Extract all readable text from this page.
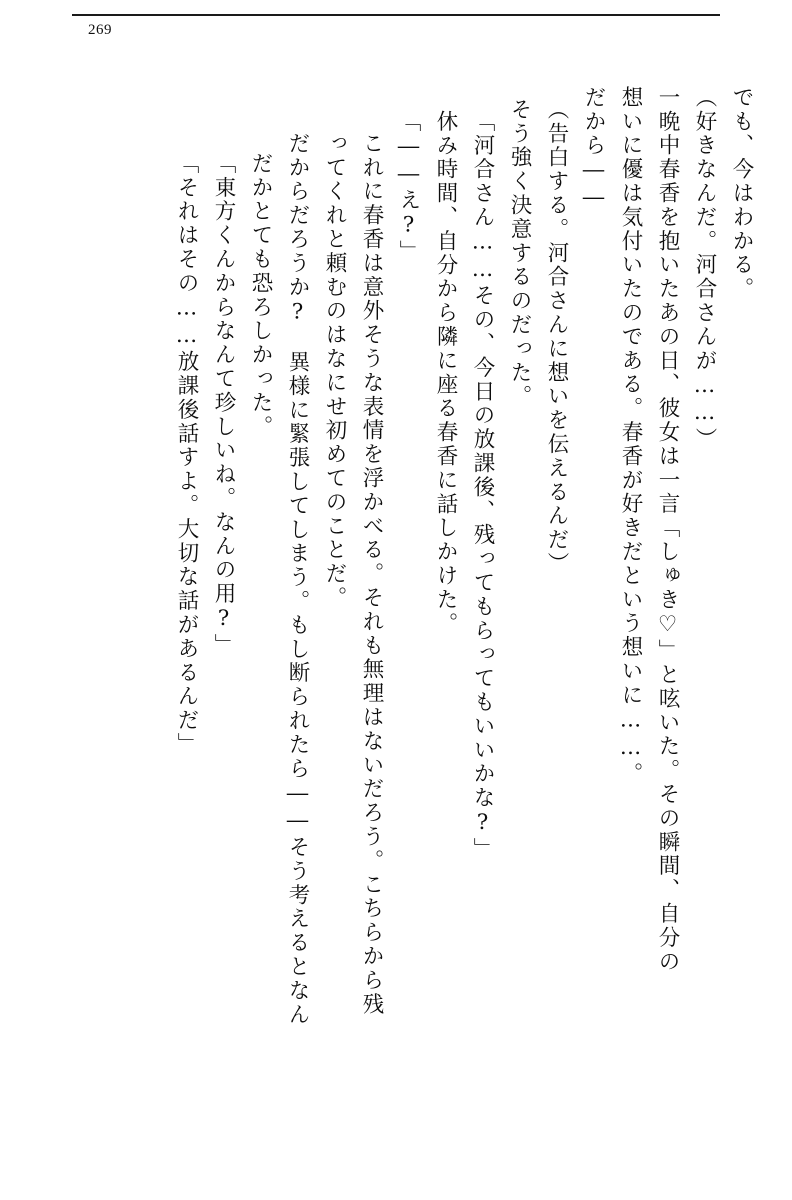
269
でも、今はわかる。
（好きなんだ。河合さんが……）
一晩中春香を抱いたあの日、彼女は一言「しゅき♡」と呟いた。その瞬間、自分の
想いに優は気付いたのである。春香が好きだという想いに……。
だから――
（告白する。河合さんに想いを伝えるんだ）
そう強く決意するのだった。
「河合さん……その、今日の放課後、残ってもらってもいいかな?」
休み時間、自分から隣に座る春香に話しかけた。
「――え?」
これに春香は意外そうな表情を浮かべる。それも無理はないだろう。こちらから残
ってくれと頼むのはなにせ初めてのことだ。
だからだろうか?　異様に緊張してしまう。もし断られたら――そう考えるとなん
だかとても恐ろしかった。
「東方くんからなんて珍しいね。なんの用?」
「それはその……放課後話すよ。大切な話があるんだ」
